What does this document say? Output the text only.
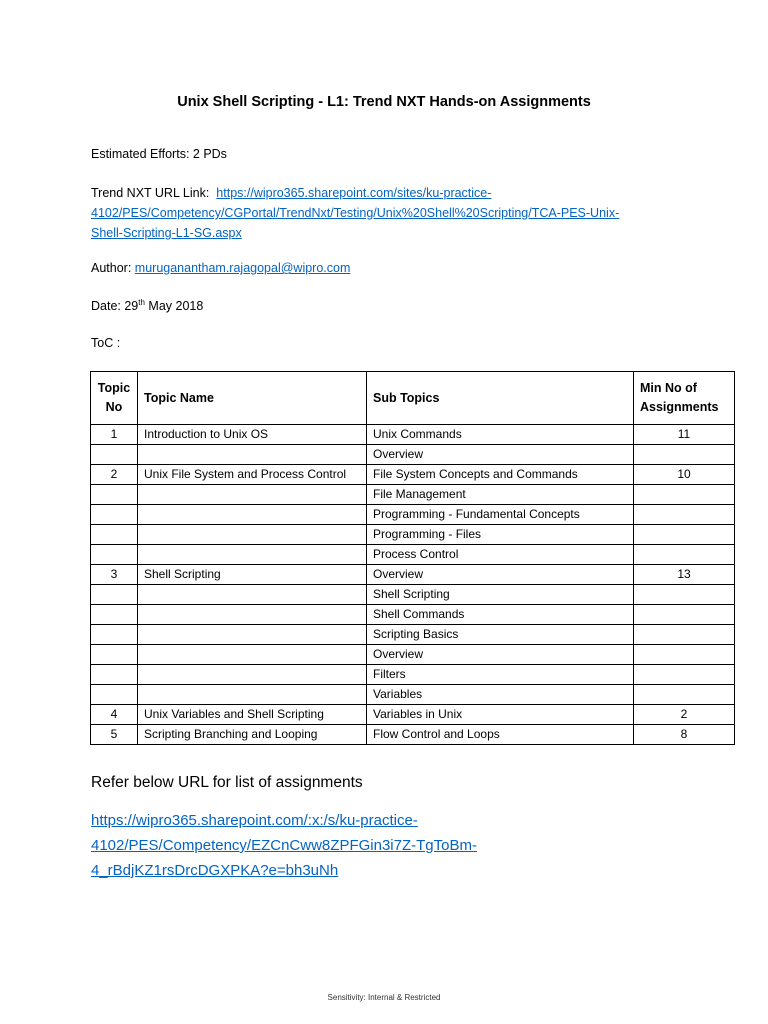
Unix Shell Scripting - L1: Trend NXT Hands-on Assignments
Estimated Efforts: 2 PDs
Trend NXT URL Link: https://wipro365.sharepoint.com/sites/ku-practice-
4102/PES/Competency/CGPortal/TrendNxt/Testing/Unix%20Shell%20Scripting/TCA-PES-Unix-
Shell-Scripting-L1-SG.aspx
Author: muruganantham.rajagopal@wipro.com
Date: 29th May 2018
ToC :
Topic No	Topic Name	Sub Topics	Min No of Assignments
1	Introduction to Unix OS	Unix Commands	11
		Overview	
2	Unix File System and Process Control	File System Concepts and Commands	10
		File Management	
		Programming - Fundamental Concepts	
		Programming - Files	
		Process Control	
3	Shell Scripting	Overview	13
		Shell Scripting	
		Shell Commands	
		Scripting Basics	
		Overview	
		Filters	
		Variables	
4	Unix Variables and Shell Scripting	Variables in Unix	2
5	Scripting Branching and Looping	Flow Control and Loops	8
Refer below URL for list of assignments
https://wipro365.sharepoint.com/:x:/s/ku-practice-
4102/PES/Competency/EZCnCww8ZPFGin3i7Z-TgToBm-
4_rBdjKZ1rsDrcDGXPKA?e=bh3uNh
Sensitivity: Internal & Restricted
